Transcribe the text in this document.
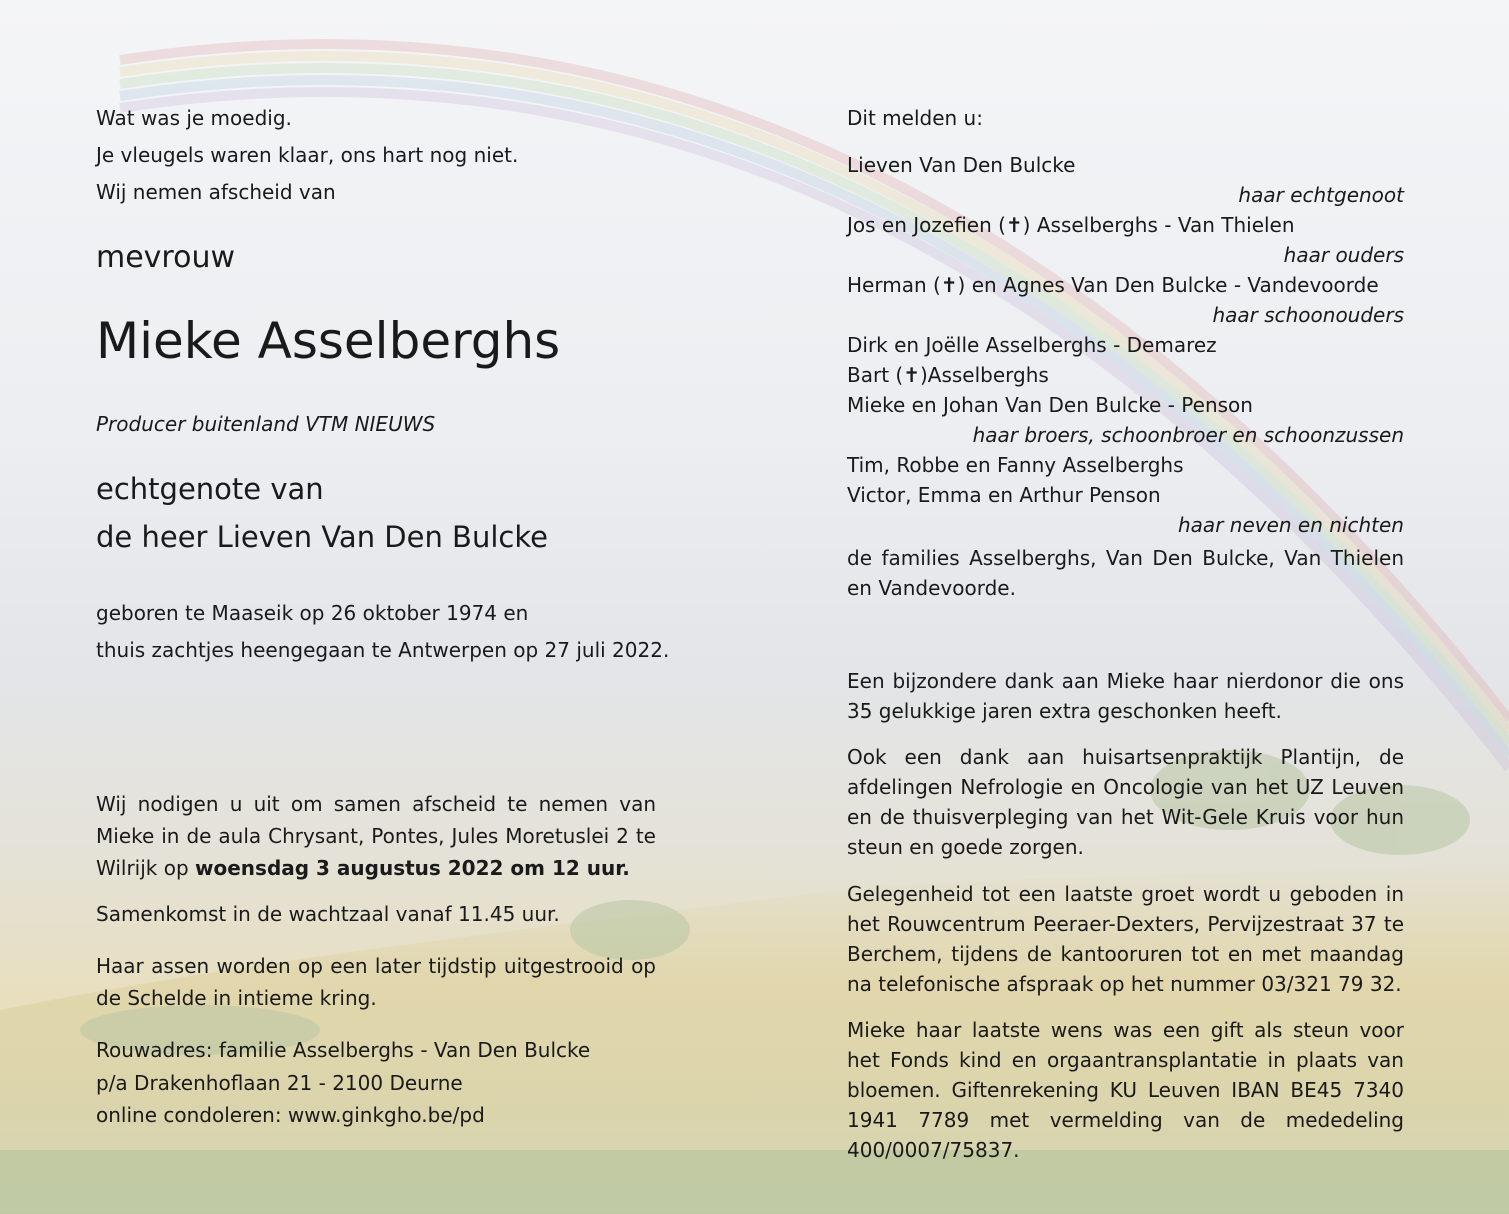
Wat was je moedig.

Je vleugels waren klaar, ons hart nog niet.

Wij nemen afscheid van

mevrouw

Mieke Asselberghs

Producer buitenland VTM NIEUWS

echtgenote van

de heer Lieven Van Den Bulcke

geboren te Maaseik op 26 oktober 1974 en

thuis zachtjes heengegaan te Antwerpen op 27 juli 2022.

Wij nodigen u uit om samen afscheid te nemen van Mieke in de aula Chrysant, Pontes, Jules Moretuslei 2 te Wilrijk op woensdag 3 augustus 2022 om 12 uur.

Samenkomst in de wachtzaal vanaf 11.45 uur.

Haar assen worden op een later tijdstip uitgestrooid op de Schelde in intieme kring.

Rouwadres: familie Asselberghs - Van Den Bulcke

p/a Drakenhoflaan 21 - 2100 Deurne

online condoleren: www.ginkgho.be/pd

Dit melden u:

Lieven Van Den Bulcke

haar echtgenoot

Jos en Jozefien (✝) Asselberghs - Van Thielen

haar ouders

Herman (✝) en Agnes Van Den Bulcke - Vandevoorde

haar schoonouders

Dirk en Joëlle Asselberghs - Demarez

Bart (✝)Asselberghs

Mieke en Johan Van Den Bulcke - Penson

haar broers, schoonbroer en schoonzussen

Tim, Robbe en Fanny Asselberghs

Victor, Emma en Arthur Penson

haar neven en nichten

de families Asselberghs, Van Den Bulcke, Van Thielen en Vandevoorde.

Een bijzondere dank aan Mieke haar nierdonor die ons 35 gelukkige jaren extra geschonken heeft.

Ook een dank aan huisartsenpraktijk Plantijn, de afdelingen Nefrologie en Oncologie van het UZ Leuven en de thuisverpleging van het Wit-Gele Kruis voor hun steun en goede zorgen.

Gelegenheid tot een laatste groet wordt u geboden in het Rouwcentrum Peeraer-Dexters, Pervijzestraat 37 te Berchem, tijdens de kantooruren tot en met maandag na telefonische afspraak op het nummer 03/321 79 32.

Mieke haar laatste wens was een gift als steun voor het Fonds kind en orgaantransplantatie in plaats van bloemen. Giftenrekening KU Leuven IBAN BE45 7340 1941 7789 met vermelding van de mededeling 400/0007/75837.
